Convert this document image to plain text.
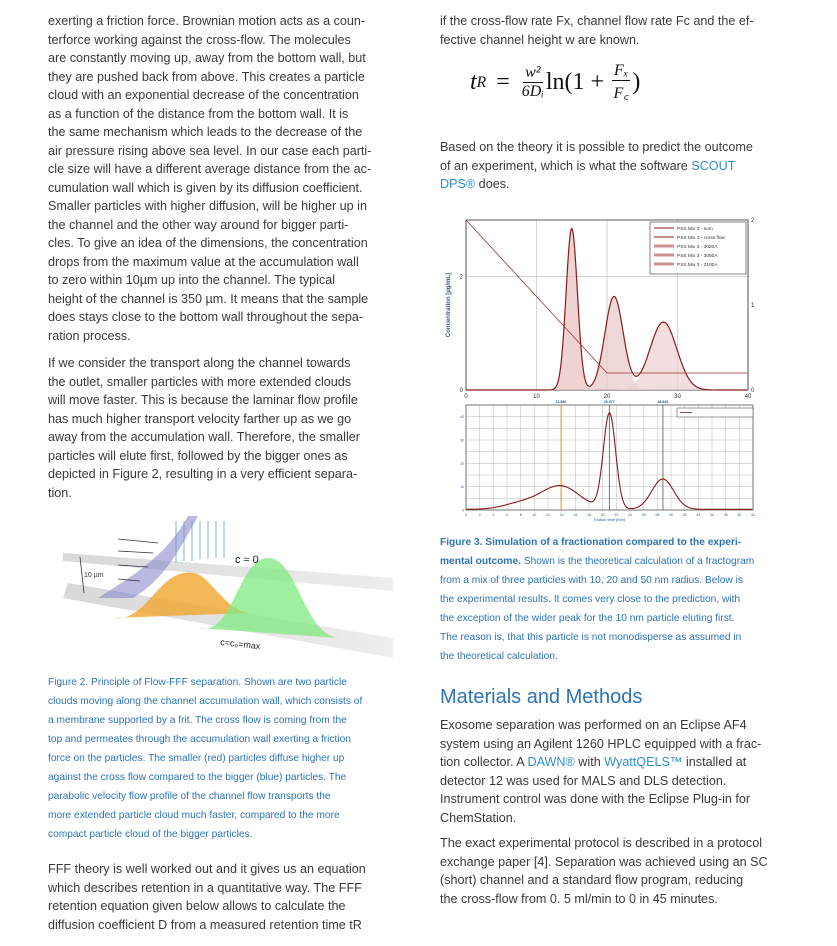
exerting a friction force. Brownian motion acts as a coun-
terforce working against the cross-flow. The molecules
are constantly moving up, away from the bottom wall, but
they are pushed back from above. This creates a particle
cloud with an exponential decrease of the concentration
as a function of the distance from the bottom wall. It is
the same mechanism which leads to the decrease of the
air pressure rising above sea level. In our case each parti-
cle size will have a different average distance from the ac-
cumulation wall which is given by its diffusion coefficient.
Smaller particles with higher diffusion, will be higher up in
the channel and the other way around for bigger parti-
cles. To give an idea of the dimensions, the concentration
drops from the maximum value at the accumulation wall
to zero within 10µm up into the channel. The typical
height of the channel is 350 µm. It means that the sample
does stays close to the bottom wall throughout the sepa-
ration process.

If we consider the transport along the channel towards
the outlet, smaller particles with more extended clouds
will move faster. This is because the laminar flow profile
has much higher transport velocity farther up as we go
away from the accumulation wall. Therefore, the smaller
particles will elute first, followed by the bigger ones as
depicted in Figure 2, resulting in a very efficient separa-
tion.

10 µm
c ≈ 0
c=c₀=max

Figure 2. Principle of Flow-FFF separation. Shown are two particle
clouds moving along the channel accumulation wall, which consists of
a membrane supported by a frit. The cross flow is coming from the
top and permeates through the accumulation wall exerting a friction
force on the particles. The smaller (red) particles diffuse higher up
against the cross flow compared to the bigger (blue) particles. The
parabolic velocity flow profile of the channel flow transports the
more extended particle cloud much faster, compared to the more
compact particle cloud of the bigger particles.

FFF theory is well worked out and it gives us an equation
which describes retention in a quantitative way. The FFF
retention equation given below allows to calculate the
diffusion coefficient D from a measured retention time tR

if the cross-flow rate Fx, channel flow rate Fc and the ef-
fective channel height w are known.

t $R = \frac{\text{w²}}{\text{6Dᵢ}} \ln(1 + \frac{\text{Fₓ}}{F꜀}$ )

Based on the theory it is possible to predict the outcome
of an experiment, which is what the software SCOUT
DPS® does.

0	10	20	30	40
0
2
0
1
2
Concentration [µg/mL]
PSS Mix 3 - sum
PSS Mix 3 - cross flow
PSS Mix 3 - 3020A
PSS Mix 3 - 3050A
PSS Mix 3 - 3100A
0	2	4	6	8	10	12	14	16	18	20	22	24	26	28	30	32	34	36	38	40	42
0
10
20
30
40
Elution time [min]
13.890	20.977	28.820

Figure 3. Simulation of a fractionation compared to the experi-
mental outcome. Shown is the theoretical calculation of a fractogram
from a mix of three particles with 10, 20 and 50 nm radius. Below is
the experimental results. It comes very close to the prediction, with
the exception of the wider peak for the 10 nm particle eluting first.
The reason is, that this particle is not monodisperse as assumed in
the theoretical calculation.

Materials and Methods

Exosome separation was performed on an Eclipse AF4
system using an Agilent 1260 HPLC equipped with a frac-
tion collector. A DAWN® with WyattQELS™ installed at
detector 12 was used for MALS and DLS detection.
Instrument control was done with the Eclipse Plug-in for
ChemStation.

The exact experimental protocol is described in a protocol
exchange paper [4]. Separation was achieved using an SC
(short) channel and a standard flow program, reducing
the cross-flow from 0. 5 ml/min to 0 in 45 minutes.
